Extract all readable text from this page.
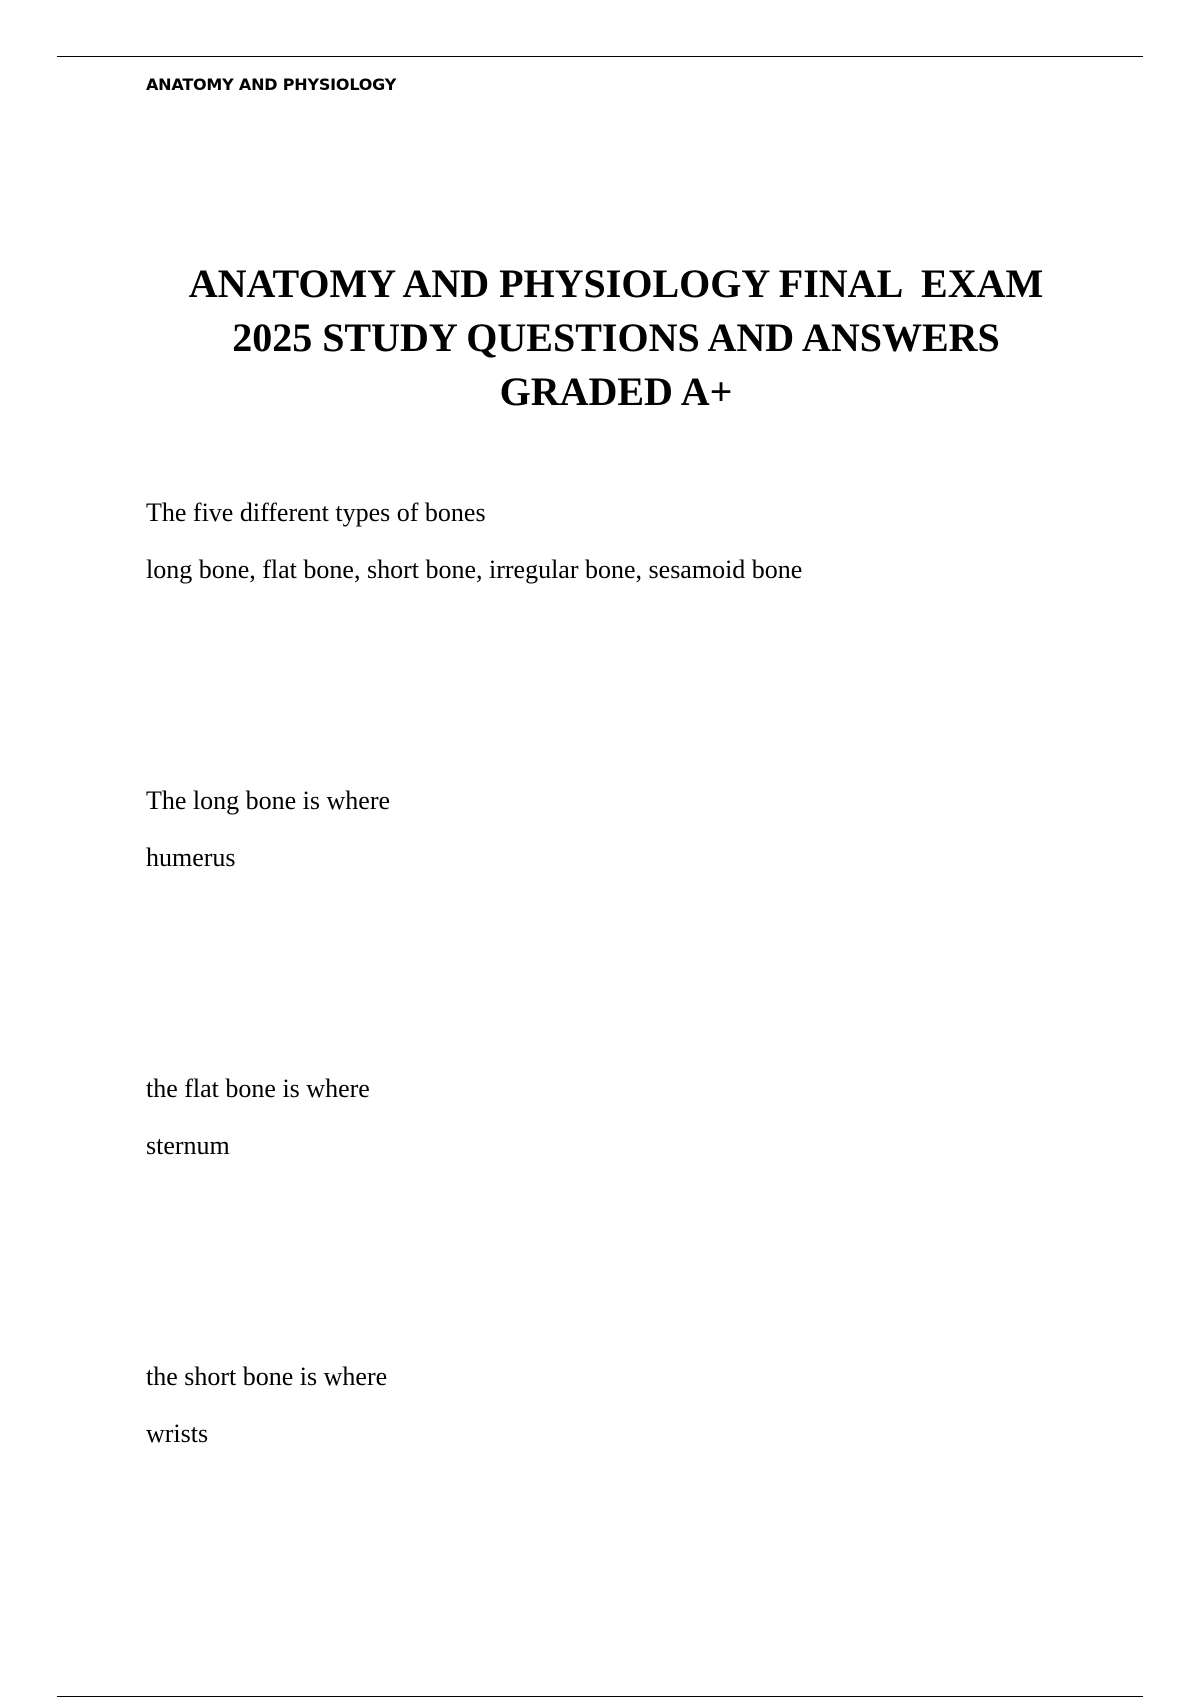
ANATOMY AND PHYSIOLOGY
ANATOMY AND PHYSIOLOGY FINAL  EXAM
2025 STUDY QUESTIONS AND ANSWERS
GRADED A+

The five different types of bones

long bone, flat bone, short bone, irregular bone, sesamoid bone

The long bone is where

humerus

the flat bone is where

sternum

the short bone is where

wrists
